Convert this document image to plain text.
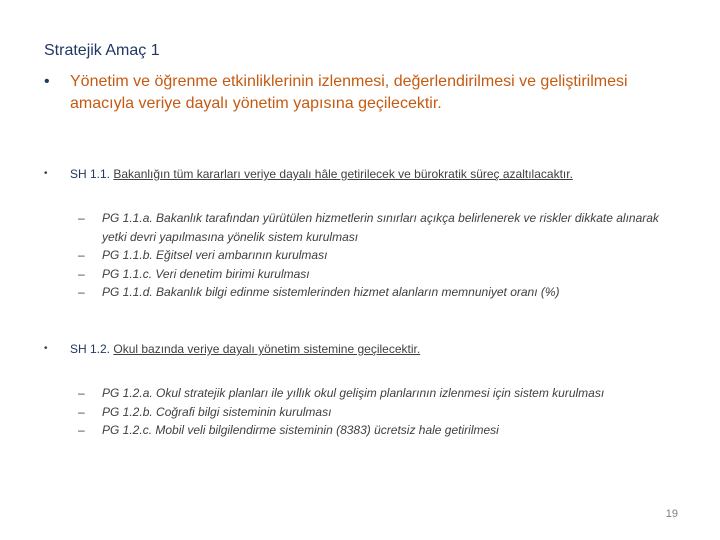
Stratejik Amaç 1
• Yönetim ve öğrenme etkinliklerinin izlenmesi, değerlendirilmesi ve geliştirilmesi amacıyla veriye dayalı yönetim yapısına geçilecektir.
• SH 1.1. Bakanlığın tüm kararları veriye dayalı hâle getirilecek ve bürokratik süreç azaltılacaktır.
– PG 1.1.a. Bakanlık tarafından yürütülen hizmetlerin sınırları açıkça belirlenerek ve riskler dikkate alınarak yetki devri yapılmasına yönelik sistem kurulması
– PG 1.1.b. Eğitsel veri ambarının kurulması
– PG 1.1.c. Veri denetim birimi kurulması
– PG 1.1.d. Bakanlık bilgi edinme sistemlerinden hizmet alanların memnuniyet oranı (%)
• SH 1.2. Okul bazında veriye dayalı yönetim sistemine geçilecektir.
– PG 1.2.a. Okul stratejik planları ile yıllık okul gelişim planlarının izlenmesi için sistem kurulması
– PG 1.2.b. Coğrafi bilgi sisteminin kurulması
– PG 1.2.c. Mobil veli bilgilendirme sisteminin (8383) ücretsiz hale getirilmesi
19
